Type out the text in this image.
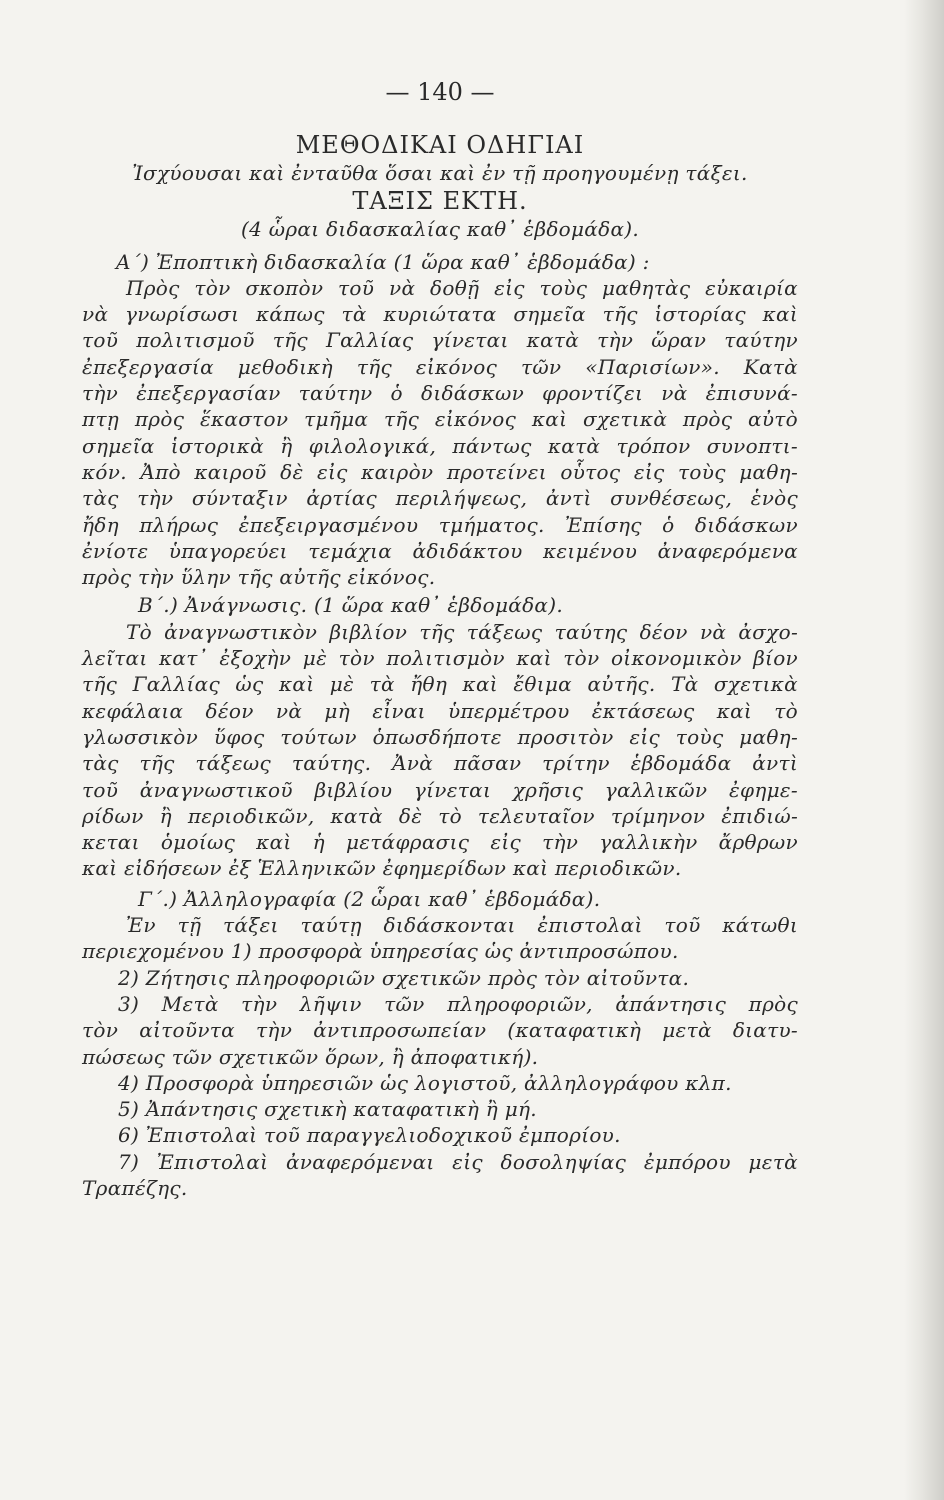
— 140 —
ΜΕΘΟΔΙΚΑΙ ΟΔΗΓΙΑΙ
Ἰσχύουσαι καὶ ἐνταῦθα ὅσαι καὶ ἐν τῇ προηγουμένῃ τάξει.
ΤΑΞΙΣ ΕΚΤΗ.
(4 ὧραι διδασκαλίας καθ᾿ ἑβδομάδα).
Α΄) Ἐποπτικὴ διδασκαλία (1 ὥρα καθ᾿ ἑβδομάδα) :
Πρὸς τὸν σκοπὸν τοῦ νὰ δοθῇ εἰς τοὺς μαθητὰς εὐκαιρία
νὰ γνωρίσωσι κάπως τὰ κυριώτατα σημεῖα τῆς ἱστορίας καὶ
τοῦ πολιτισμοῦ τῆς Γαλλίας γίνεται κατὰ τὴν ὥραν ταύτην
ἐπεξεργασία μεθοδικὴ τῆς εἰκόνος τῶν «Παρισίων». Κατὰ
τὴν ἐπεξεργασίαν ταύτην ὁ διδάσκων φροντίζει νὰ ἐπισυνά-
πτῃ πρὸς ἕκαστον τμῆμα τῆς εἰκόνος καὶ σχετικὰ πρὸς αὐτὸ
σημεῖα ἱστορικὰ ἢ φιλολογικά, πάντως κατὰ τρόπον συνοπτι-
κόν. Ἀπὸ καιροῦ δὲ εἰς καιρὸν προτείνει οὗτος εἰς τοὺς μαθη-
τὰς τὴν σύνταξιν ἀρτίας περιλήψεως, ἀντὶ συνθέσεως, ἑνὸς
ἤδη πλήρως ἐπεξειργασμένου τμήματος. Ἐπίσης ὁ διδάσκων
ἐνίοτε ὑπαγορεύει τεμάχια ἀδιδάκτου κειμένου ἀναφερόμενα
πρὸς τὴν ὕλην τῆς αὐτῆς εἰκόνος.
Β΄.) Ἀνάγνωσις. (1 ὥρα καθ᾿ ἑβδομάδα).
Τὸ ἀναγνωστικὸν βιβλίον τῆς τάξεως ταύτης δέον νὰ ἀσχο-
λεῖται κατ᾿ ἐξοχὴν μὲ τὸν πολιτισμὸν καὶ τὸν οἰκονομικὸν βίον
τῆς Γαλλίας ὡς καὶ μὲ τὰ ἤθη καὶ ἔθιμα αὐτῆς. Τὰ σχετικὰ
κεφάλαια δέον νὰ μὴ εἶναι ὑπερμέτρου ἐκτάσεως καὶ τὸ
γλωσσικὸν ὕφος τούτων ὁπωσδήποτε προσιτὸν εἰς τοὺς μαθη-
τὰς τῆς τάξεως ταύτης. Ἀνὰ πᾶσαν τρίτην ἑβδομάδα ἀντὶ
τοῦ ἀναγνωστικοῦ βιβλίου γίνεται χρῆσις γαλλικῶν ἐφημε-
ρίδων ἢ περιοδικῶν, κατὰ δὲ τὸ τελευταῖον τρίμηνον ἐπιδιώ-
κεται ὁμοίως καὶ ἡ μετάφρασις εἰς τὴν γαλλικὴν ἄρθρων
καὶ εἰδήσεων ἐξ Ἑλληνικῶν ἐφημερίδων καὶ περιοδικῶν.
Γ΄.) Ἀλληλογραφία (2 ὧραι καθ᾿ ἑβδομάδα).
Ἐν τῇ τάξει ταύτῃ διδάσκονται ἐπιστολαὶ τοῦ κάτωθι
περιεχομένου 1) προσφορὰ ὑπηρεσίας ὡς ἀντιπροσώπου.
2) Ζήτησις πληροφοριῶν σχετικῶν πρὸς τὸν αἰτοῦντα.
3) Μετὰ τὴν λῆψιν τῶν πληροφοριῶν, ἀπάντησις πρὸς
τὸν αἰτοῦντα τὴν ἀντιπροσωπείαν (καταφατικὴ μετὰ διατυ-
πώσεως τῶν σχετικῶν ὅρων, ἢ ἀποφατική).
4) Προσφορὰ ὑπηρεσιῶν ὡς λογιστοῦ, ἀλληλογράφου κλπ.
5) Ἀπάντησις σχετικὴ καταφατικὴ ἢ μή.
6) Ἐπιστολαὶ τοῦ παραγγελιοδοχικοῦ ἐμπορίου.
7) Ἐπιστολαὶ ἀναφερόμεναι εἰς δοσοληψίας ἐμπόρου μετὰ
Τραπέζης.
